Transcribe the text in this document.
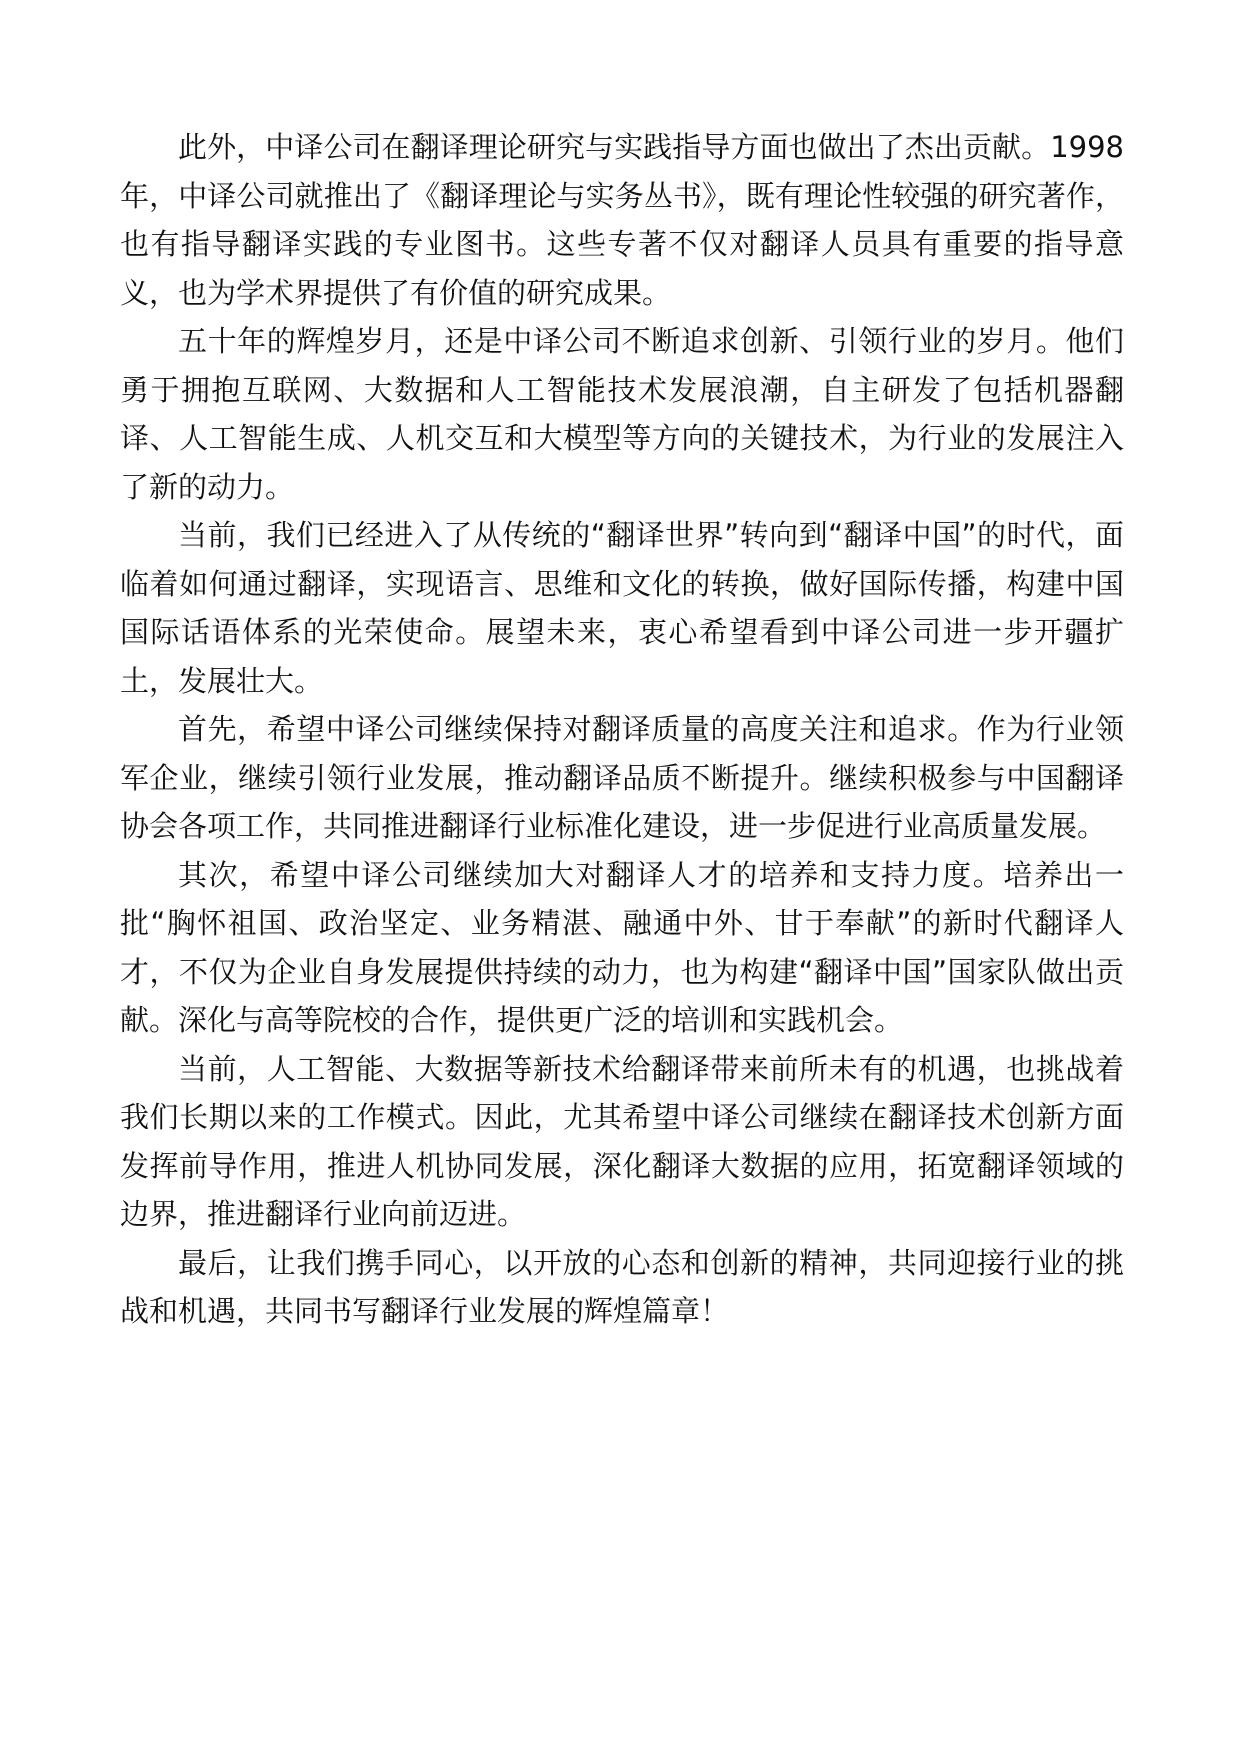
此外，中译公司在翻译理论研究与实践指导方面也做出了杰出贡献。1998年，中译公司就推出了《翻译理论与实务丛书》，既有理论性较强的研究著作，也有指导翻译实践的专业图书。这些专著不仅对翻译人员具有重要的指导意义，也为学术界提供了有价值的研究成果。

五十年的辉煌岁月，还是中译公司不断追求创新、引领行业的岁月。他们勇于拥抱互联网、大数据和人工智能技术发展浪潮，自主研发了包括机器翻译、人工智能生成、人机交互和大模型等方向的关键技术，为行业的发展注入了新的动力。

当前，我们已经进入了从传统的“翻译世界”转向到“翻译中国”的时代，面临着如何通过翻译，实现语言、思维和文化的转换，做好国际传播，构建中国国际话语体系的光荣使命。展望未来，衷心希望看到中译公司进一步开疆扩土，发展壮大。

首先，希望中译公司继续保持对翻译质量的高度关注和追求。作为行业领军企业，继续引领行业发展，推动翻译品质不断提升。继续积极参与中国翻译协会各项工作，共同推进翻译行业标准化建设，进一步促进行业高质量发展。

其次，希望中译公司继续加大对翻译人才的培养和支持力度。培养出一批“胸怀祖国、政治坚定、业务精湛、融通中外、甘于奉献”的新时代翻译人才，不仅为企业自身发展提供持续的动力，也为构建“翻译中国”国家队做出贡献。深化与高等院校的合作，提供更广泛的培训和实践机会。

当前，人工智能、大数据等新技术给翻译带来前所未有的机遇，也挑战着我们长期以来的工作模式。因此，尤其希望中译公司继续在翻译技术创新方面发挥前导作用，推进人机协同发展，深化翻译大数据的应用，拓宽翻译领域的边界，推进翻译行业向前迈进。

最后，让我们携手同心，以开放的心态和创新的精神，共同迎接行业的挑战和机遇，共同书写翻译行业发展的辉煌篇章！
